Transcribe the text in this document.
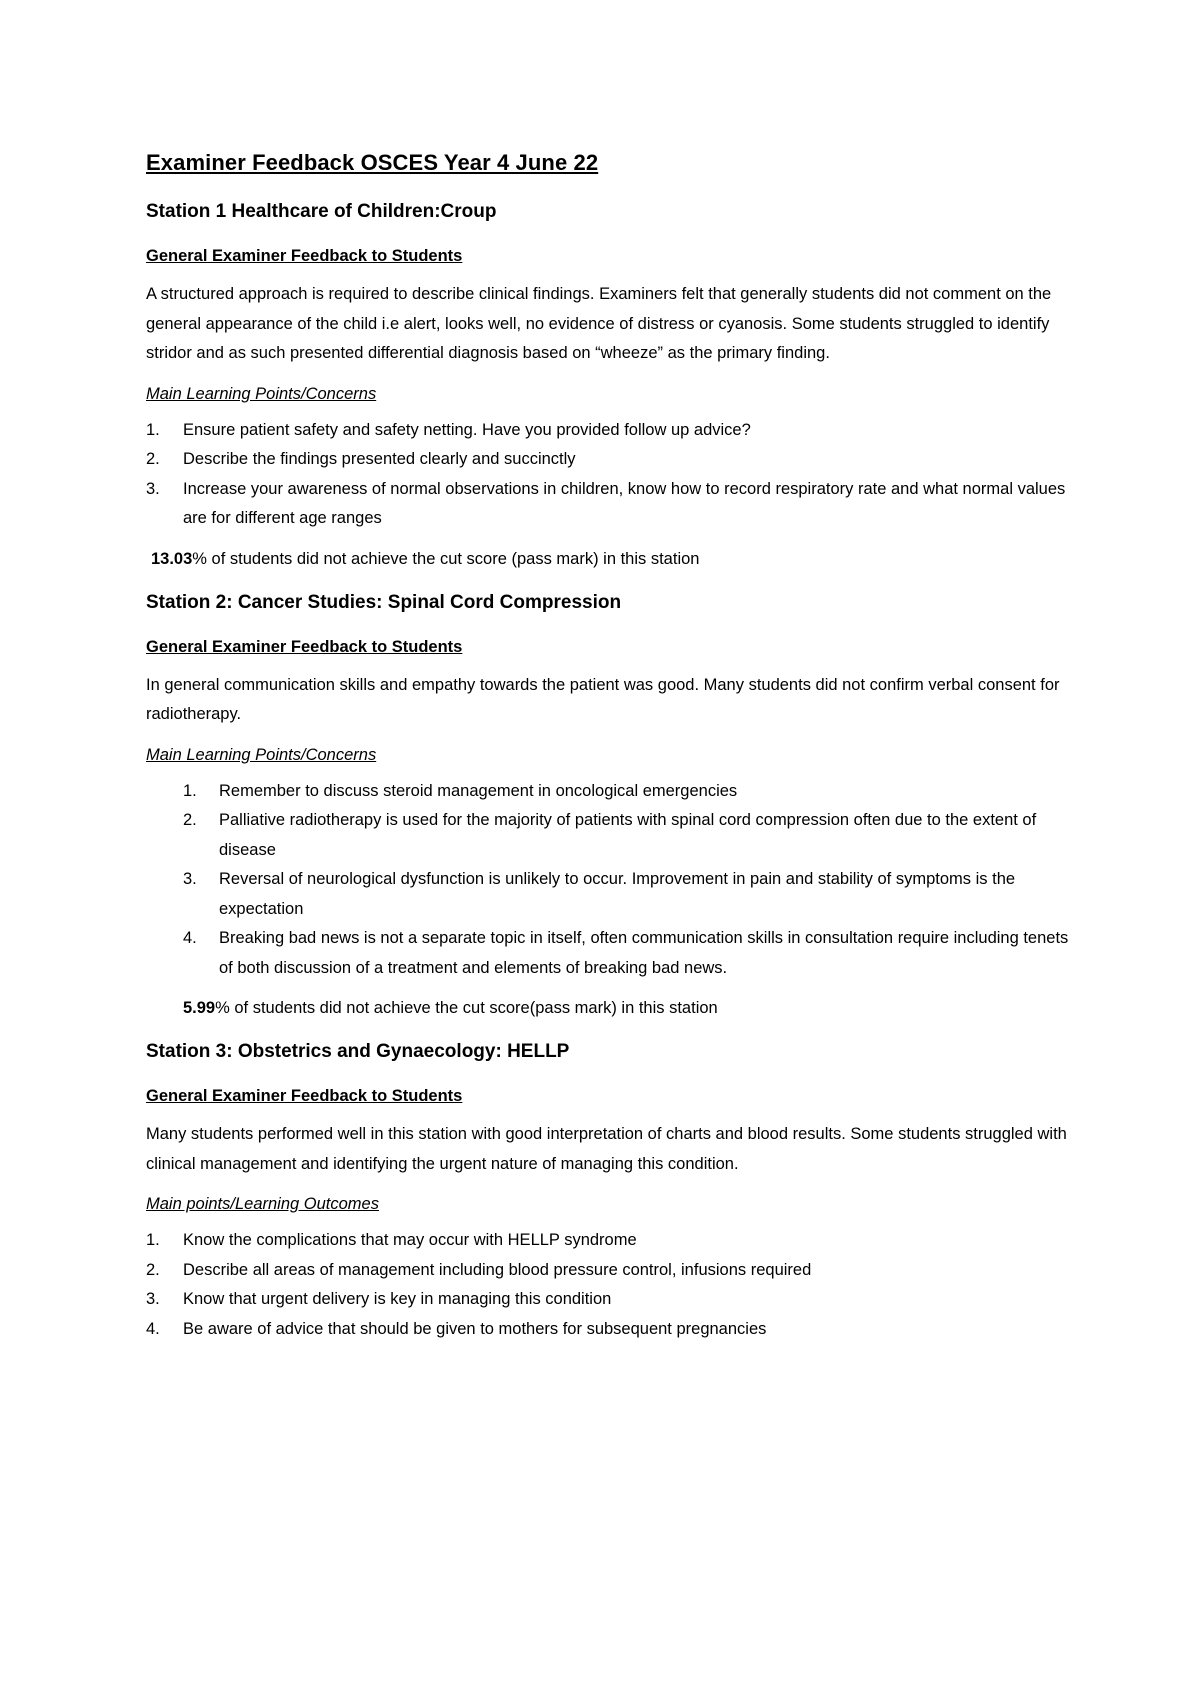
Examiner Feedback OSCES Year 4 June 22
Station 1 Healthcare of Children:Croup
General Examiner Feedback to Students

A structured approach is required to describe clinical findings. Examiners felt that generally students did not comment on the general appearance of the child i.e alert, looks well, no evidence of distress or cyanosis. Some students struggled to identify stridor and as such presented differential diagnosis based on “wheeze” as the primary finding.

Main Learning Points/Concerns
1. Ensure patient safety and safety netting. Have you provided follow up advice?
2. Describe the findings presented clearly and succinctly
3. Increase your awareness of normal observations in children, know how to record respiratory rate and what normal values are for different age ranges
13.03% of students did not achieve the cut score (pass mark) in this station
Station 2: Cancer Studies: Spinal Cord Compression
General Examiner Feedback to Students

In general communication skills and empathy towards the patient was good. Many students did not confirm verbal consent for radiotherapy.

Main Learning Points/Concerns
1. Remember to discuss steroid management in oncological emergencies
2. Palliative radiotherapy is used for the majority of patients with spinal cord compression often due to the extent of disease
3. Reversal of neurological dysfunction is unlikely to occur. Improvement in pain and stability of symptoms is the expectation
4. Breaking bad news is not a separate topic in itself, often communication skills in consultation require including tenets of both discussion of a treatment and elements of breaking bad news.
5.99% of students did not achieve the cut score(pass mark) in this station
Station 3: Obstetrics and Gynaecology: HELLP
General Examiner Feedback to Students

Many students performed well in this station with good interpretation of charts and blood results. Some students struggled with clinical management and identifying the urgent nature of managing this condition.

Main points/Learning Outcomes
1. Know the complications that may occur with HELLP syndrome
2. Describe all areas of management including blood pressure control, infusions required
3. Know that urgent delivery is key in managing this condition
4. Be aware of advice that should be given to mothers for subsequent pregnancies
